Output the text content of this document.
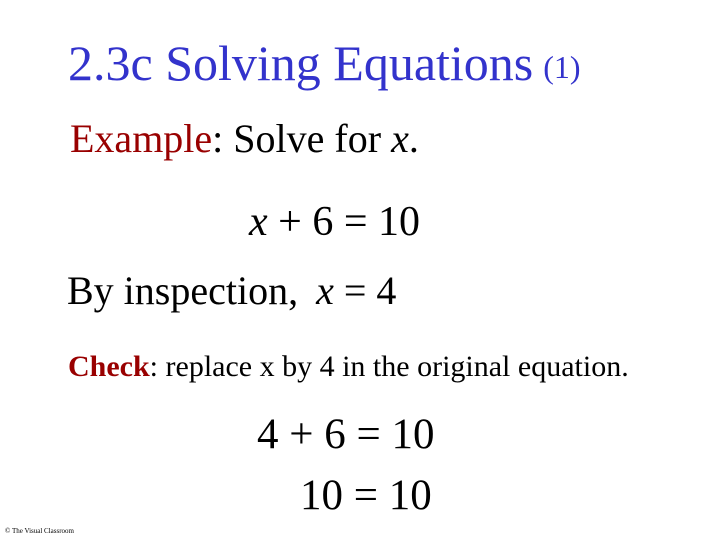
2.3c Solving Equations (1)
Example: Solve for x.
x + 6 = 10
By inspection, x = 4
Check: replace x by 4 in the original equation.
4 + 6 = 10
10 = 10
© The Visual Classroom
